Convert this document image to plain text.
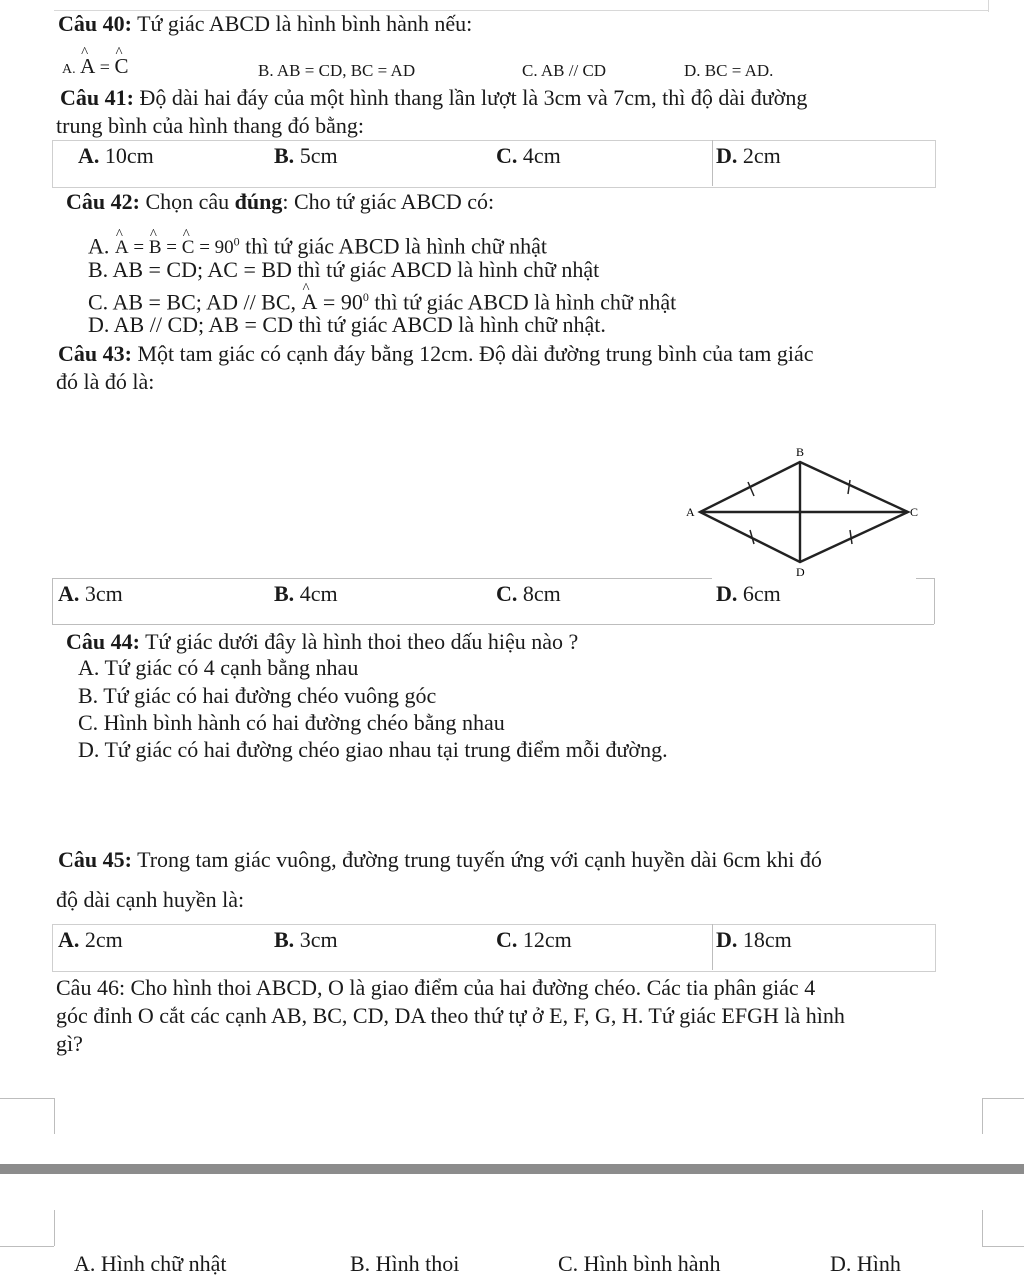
Câu 40: Tứ giác ABCD là hình bình hành nếu:
A. ^ A = ^ C	B. AB = CD, BC = AD	C. AB // CD	D. BC = AD.
Câu 41: Độ dài hai đáy của một hình thang lần lượt là 3cm và 7cm, thì độ dài đường
trung bình của hình thang đó bằng:
A. 10cm	B. 5cm	C. 4cm	D. 2cm
Câu 42: Chọn câu đúng: Cho tứ giác ABCD có:
A. ^ A = ^ B = ^ $C = 90^0$ thì tứ giác ABCD là hình chữ nhật
B. AB = CD; AC = BD thì tứ giác ABCD là hình chữ nhật
C. AB = BC; AD // BC, ^ $A = 90^0$ thì tứ giác ABCD là hình chữ nhật
D. AB // CD; AB = CD thì tứ giác ABCD là hình chữ nhật.
Câu 43: Một tam giác có cạnh đáy bằng 12cm. Độ dài đường trung bình của tam giác
đó là đó là:
B
A	C
D
A. 3cm	B. 4cm	C. 8cm	D. 6cm
Câu 44: Tứ giác dưới đây là hình thoi theo dấu hiệu nào ?
A. Tứ giác có 4 cạnh bằng nhau
B. Tứ giác có hai đường chéo vuông góc
C. Hình bình hành có hai đường chéo bằng nhau
D. Tứ giác có hai đường chéo giao nhau tại trung điểm mỗi đường.
Câu 45: Trong tam giác vuông, đường trung tuyến ứng với cạnh huyền dài 6cm khi đó
độ dài cạnh huyền là:
A. 2cm	B. 3cm	C. 12cm	D. 18cm
Câu 46: Cho hình thoi ABCD, O là giao điểm của hai đường chéo. Các tia phân giác 4
góc đỉnh O cắt các cạnh AB, BC, CD, DA theo thứ tự ở E, F, G, H. Tứ giác EFGH là hình
gì?
A. Hình chữ nhật	B. Hình thoi	C. Hình bình hành	D. Hình
